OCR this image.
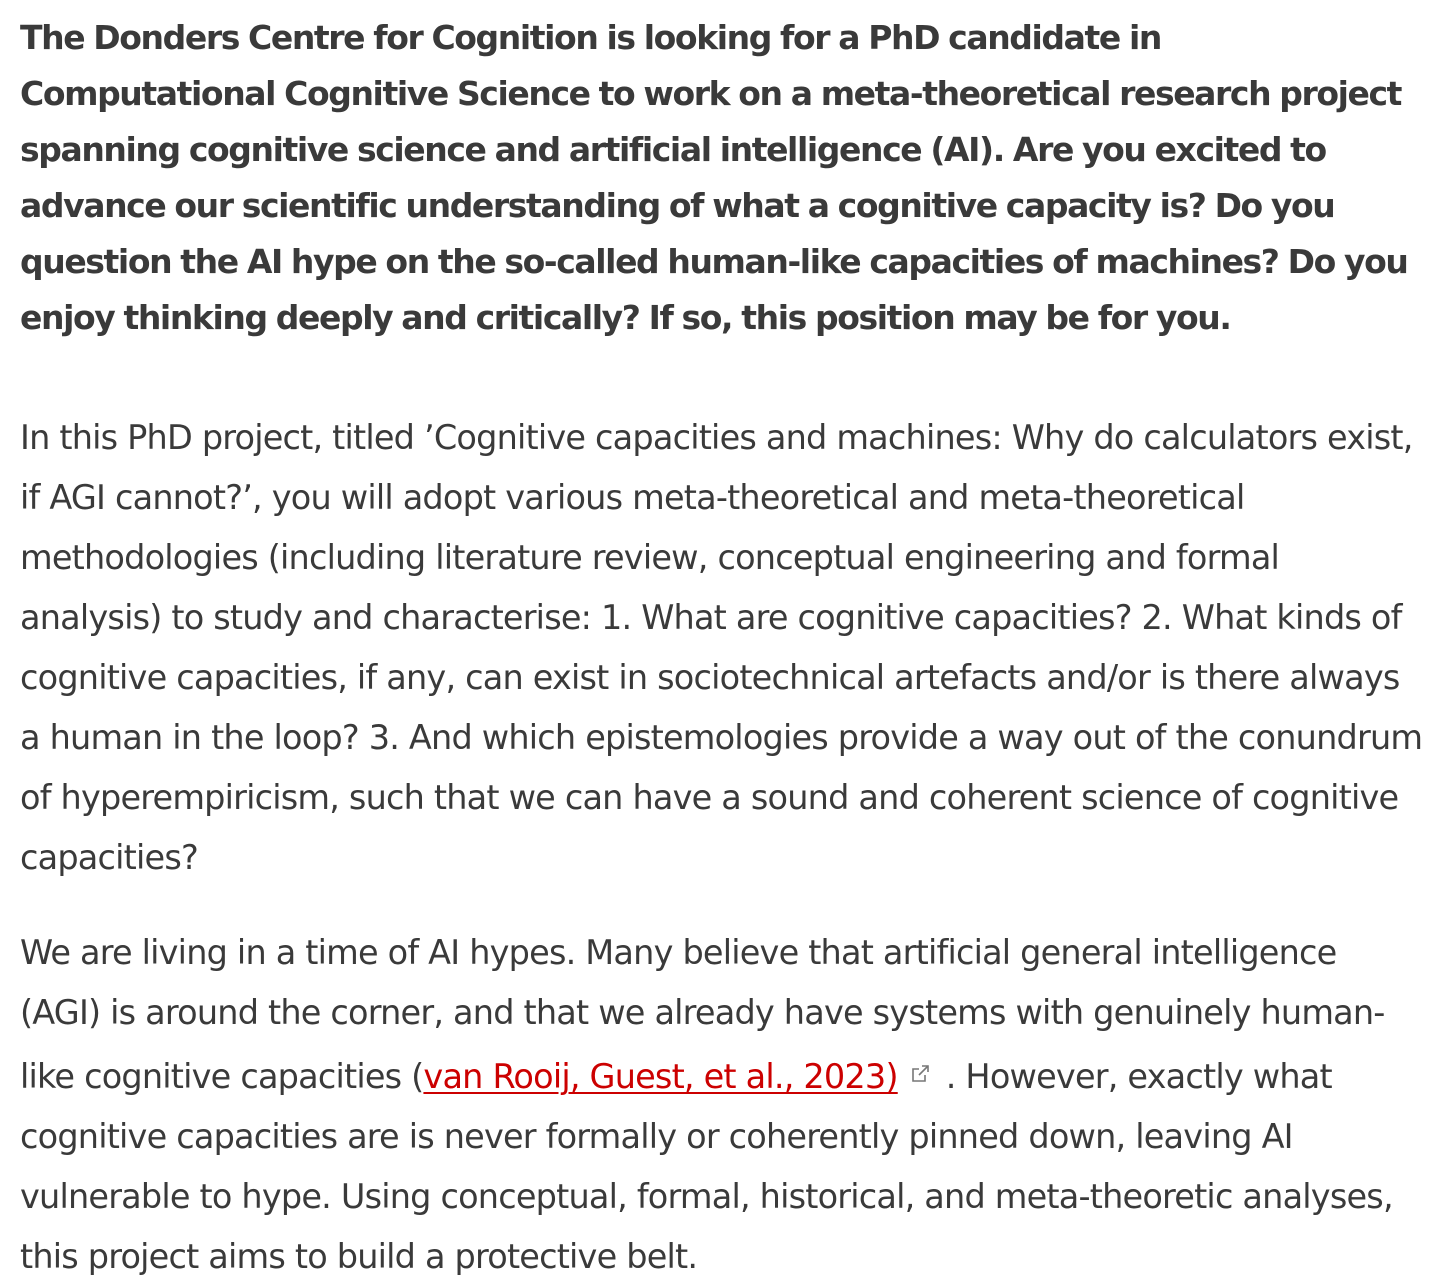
The Donders Centre for Cognition is looking for a PhD candidate in Computational Cognitive Science to work on a meta-theoretical research project spanning cognitive science and artificial intelligence (AI). Are you excited to advance our scientific understanding of what a cognitive capacity is? Do you question the AI hype on the so-called human-like capacities of machines? Do you enjoy thinking deeply and critically? If so, this position may be for you.

In this PhD project, titled ’Cognitive capacities and machines: Why do calculators exist, if AGI cannot?’, you will adopt various meta-theoretical and meta-theoretical methodologies (including literature review, conceptual engineering and formal analysis) to study and characterise: 1. What are cognitive capacities? 2. What kinds of cognitive capacities, if any, can exist in sociotechnical artefacts and/or is there always a human in the loop? 3. And which epistemologies provide a way out of the conundrum of hyperempiricism, such that we can have a sound and coherent science of cognitive capacities?

We are living in a time of AI hypes. Many believe that artificial general intelligence (AGI) is around the corner, and that we already have systems with genuinely human-like cognitive capacities (van Rooij, Guest, et al., 2023) . However, exactly what cognitive capacities are is never formally or coherently pinned down, leaving AI vulnerable to hype. Using conceptual, formal, historical, and meta-theoretic analyses, this project aims to build a protective belt.
